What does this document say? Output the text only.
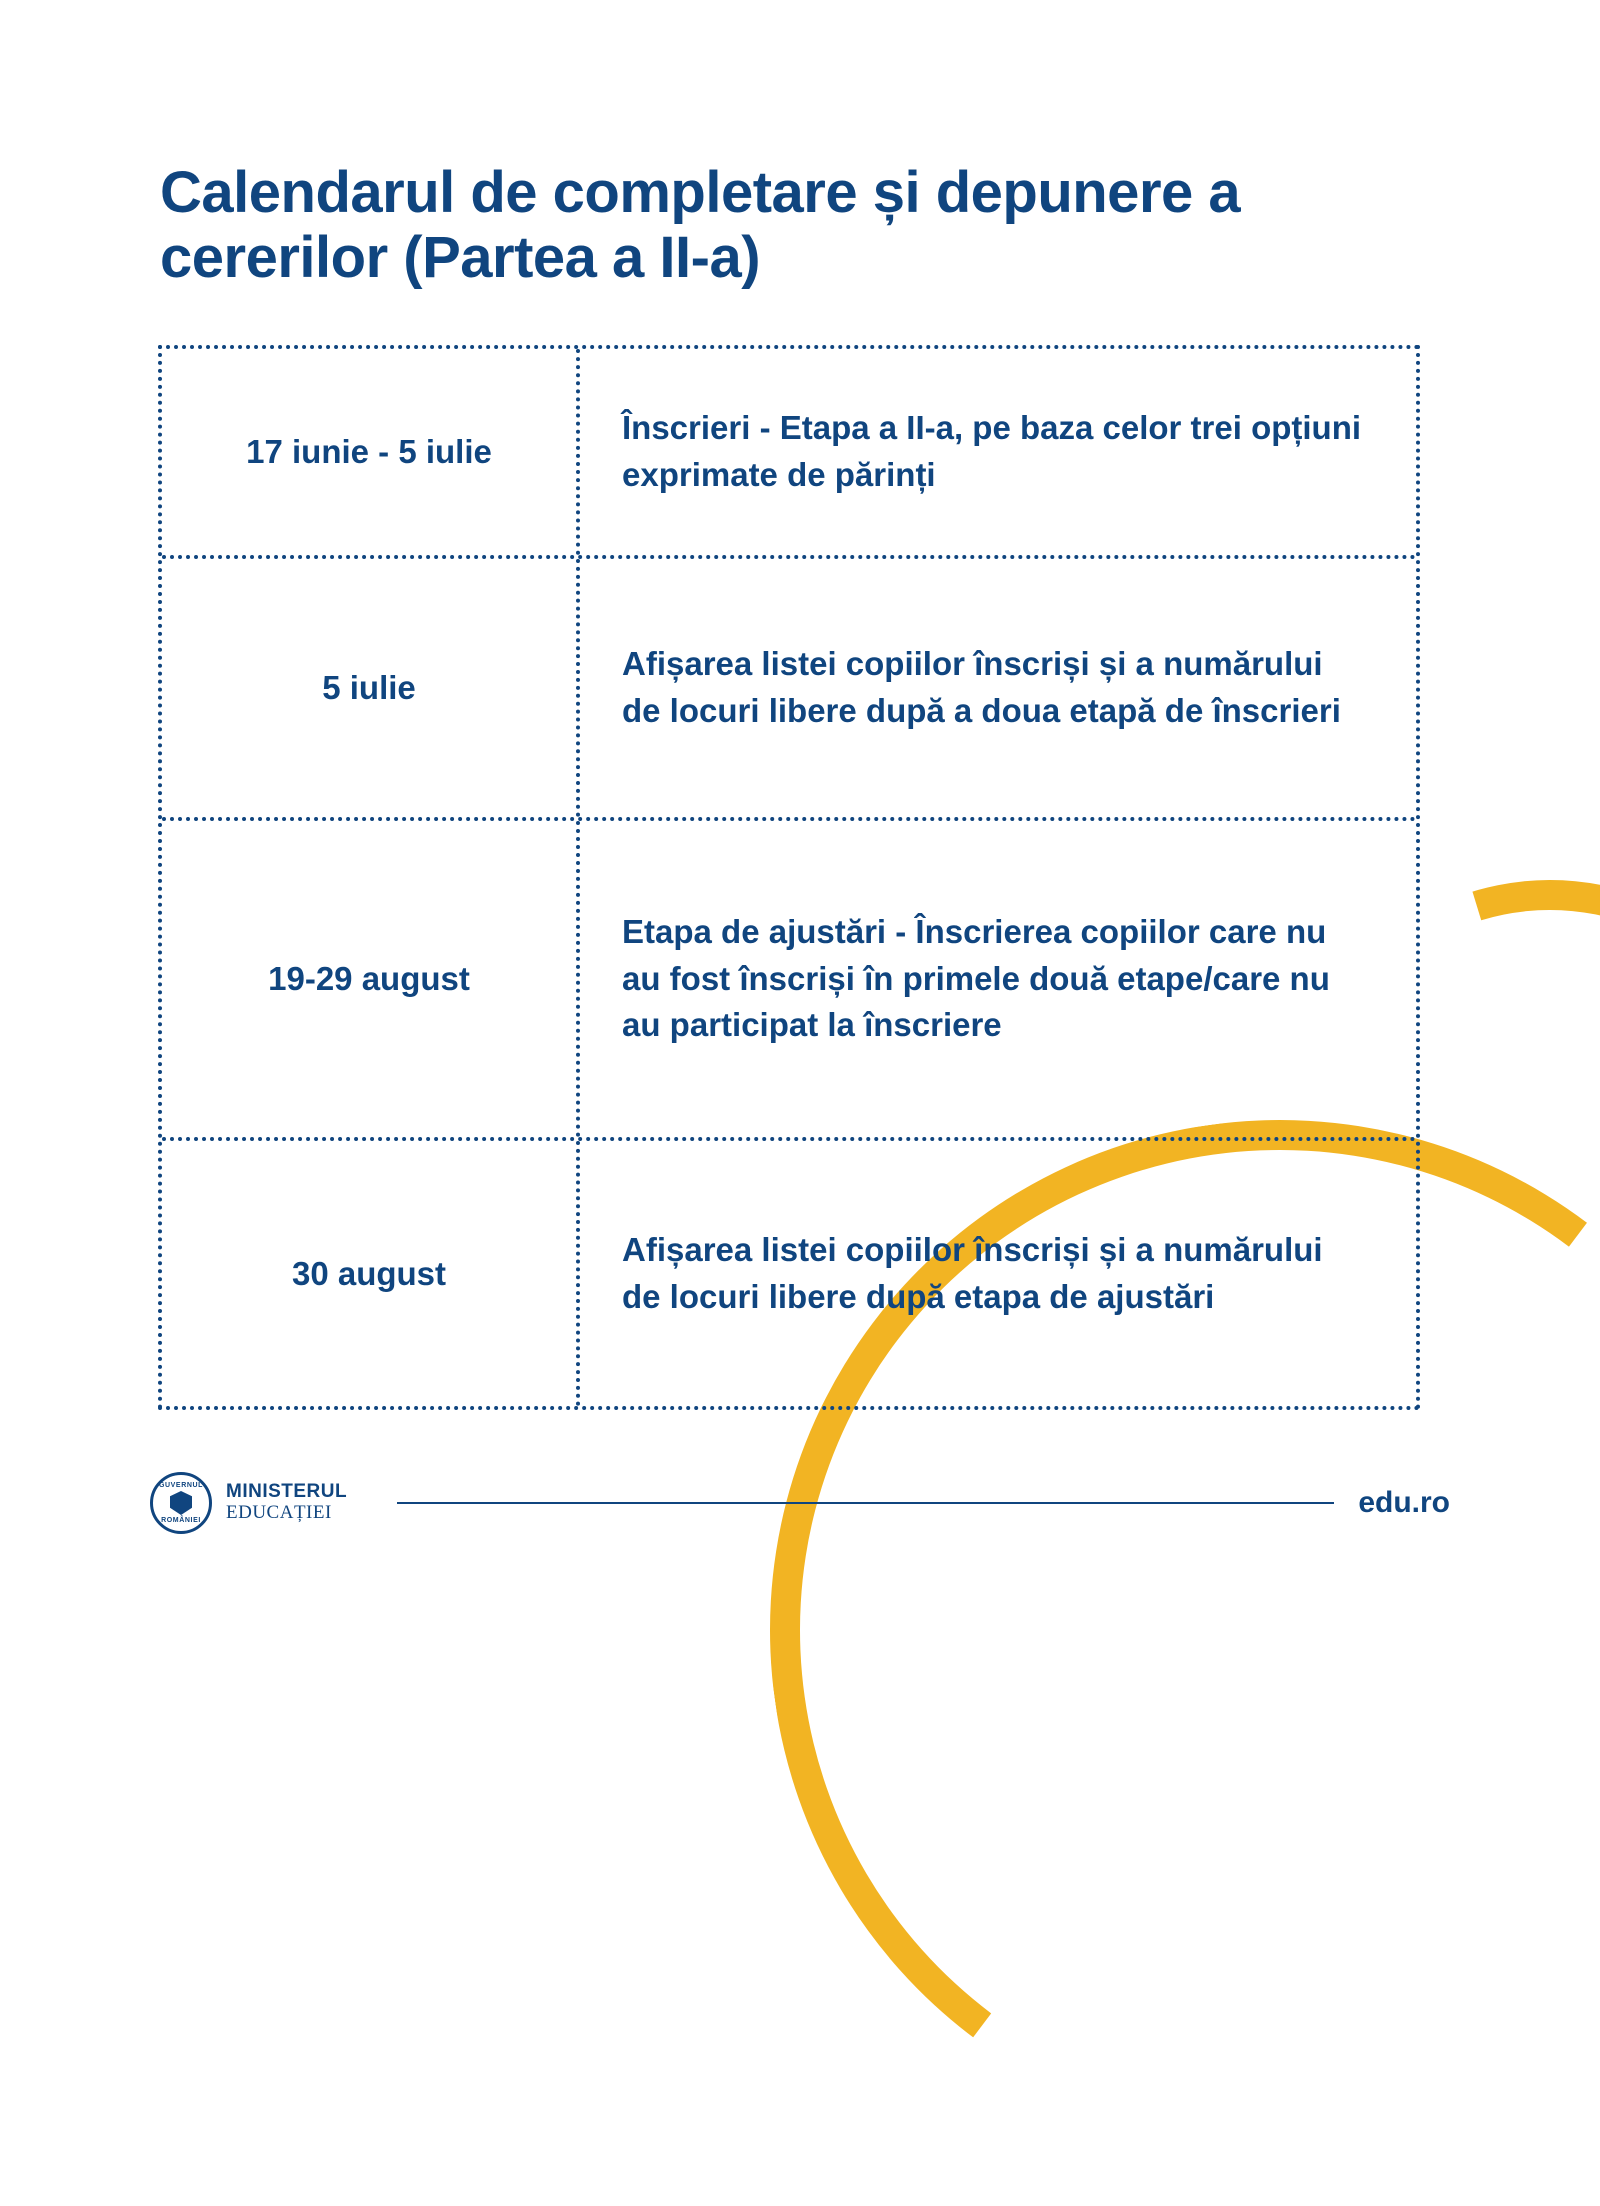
Calendarul de completare și depunere a cererilor (Partea a II-a)
17 iunie - 5 iulie
Înscrieri - Etapa a II-a, pe baza celor trei opțiuni exprimate de părinți
5 iulie
Afișarea listei copiilor înscriși și a numărului de locuri libere după a doua etapă de înscrieri
19-29 august
Etapa de ajustări - Înscrierea copiilor care nu au fost înscriși în primele două etape/care nu au participat la înscriere
30 august
Afișarea listei copiilor înscriși și a numărului de locuri libere după etapa de ajustări
GUVERNUL
ROMÂNIEI
MINISTERUL
EDUCAȚIEI	edu.ro
